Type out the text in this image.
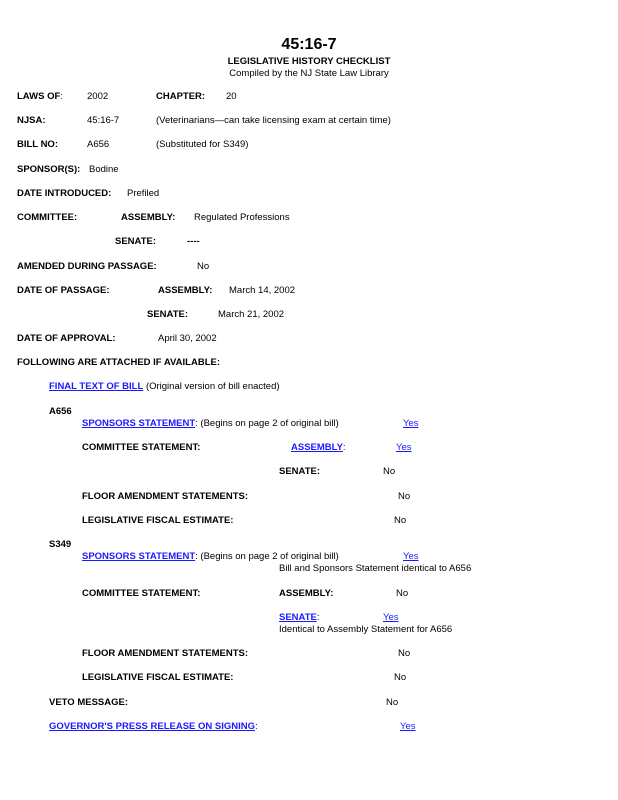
45:16-7
LEGISLATIVE HISTORY CHECKLIST
Compiled by the NJ State Law Library
LAWS OF:	2002	CHAPTER: 20
NJSA:	45:16-7	(Veterinarians—can take licensing exam at certain time)
BILL NO:	A656	(Substituted for S349)
SPONSOR(S): Bodine
DATE INTRODUCED: Prefiled
COMMITTEE:	ASSEMBLY: Regulated Professions
SENATE:	----
AMENDED DURING PASSAGE:	No
DATE OF PASSAGE:	ASSEMBLY: March 14, 2002
SENATE:	March 21, 2002
DATE OF APPROVAL:	April 30, 2002
FOLLOWING ARE ATTACHED IF AVAILABLE:
FINAL TEXT OF BILL (Original version of bill enacted)
A656
SPONSORS STATEMENT: (Begins on page 2 of original bill)	Yes
COMMITTEE STATEMENT:	ASSEMBLY:	Yes
SENATE:	No
FLOOR AMENDMENT STATEMENTS:	No
LEGISLATIVE FISCAL ESTIMATE:	No
S349
SPONSORS STATEMENT: (Begins on page 2 of original bill)	Yes
Bill and Sponsors Statement identical to A656
COMMITTEE STATEMENT:	ASSEMBLY:	No
SENATE:	Yes
Identical to Assembly Statement for A656
FLOOR AMENDMENT STATEMENTS:	No
LEGISLATIVE FISCAL ESTIMATE:	No
VETO MESSAGE:	No
GOVERNOR'S PRESS RELEASE ON SIGNING:	Yes
